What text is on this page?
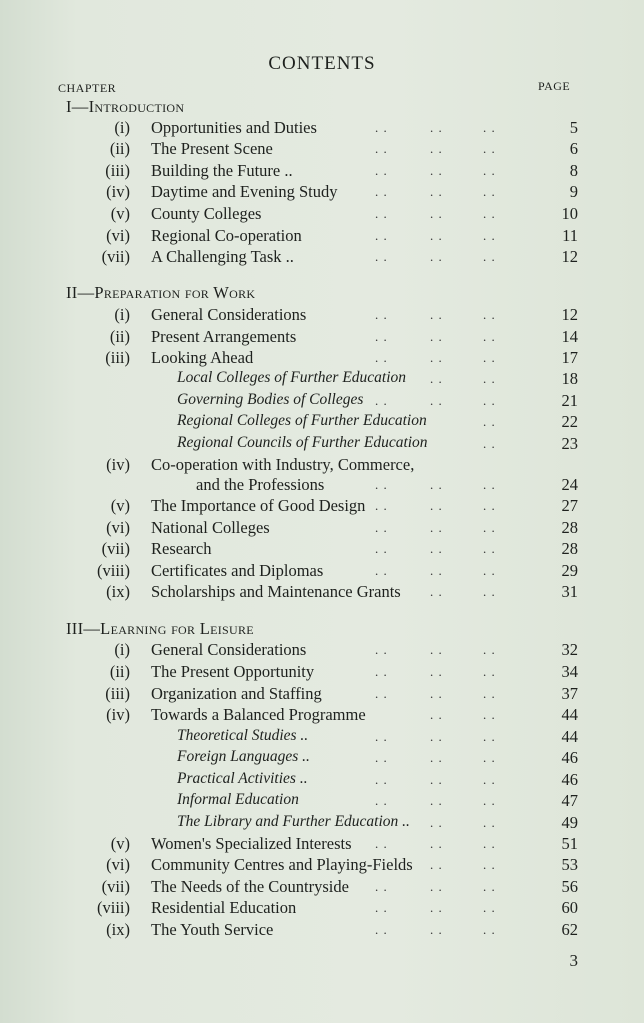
CONTENTS
CHAPTER	PAGE
I—Introduction
II—Preparation for Work
III—Learning for Leisure
(i) Opportunities and Duties	. .	. .	. .	5
(ii) The Present Scene	. .	. .	. .	6
(iii) Building the Future ..	. .	. .	. .	8
(iv) Daytime and Evening Study	. .	. .	. .	9
(v) County Colleges	. .	. .	. .	10
(vi) Regional Co-operation	. .	. .	. .	11
(vii) A Challenging Task ..	. .	. .	. .	12
(i) General Considerations	. .	. .	. .	12
(ii) Present Arrangements	. .	. .	. .	14
(iii) Looking Ahead	. .	. .	. .	17
Local Colleges of Further Education . .	. .	18
Governing Bodies of Colleges . .	. .	. .	21
Regional Colleges of Further Education	. .	22
Regional Councils of Further Education	. .	23
(iv) Co-operation with Industry, Commerce,
and the Professions	. .	. .	. .	24
(v) The Importance of Good Design . .	. .	. .	27
(vi) National Colleges	. .	. .	. .	28
(vii) Research	. .	. .	. .	28
(viii) Certificates and Diplomas	. .	. .	. .	29
(ix) Scholarships and Maintenance Grants . .	. .	31
(i) General Considerations	. .	. .	. .	32
(ii) The Present Opportunity	. .	. .	. .	34
(iii) Organization and Staffing	. .	. .	. .	37
(iv) Towards a Balanced Programme	. .	. .	44
Theoretical Studies ..	. .	. .	. .	44
Foreign Languages ..	. .	. .	. .	46
Practical Activities ..	. .	. .	. .	46
Informal Education	. .	. .	. .	47
The Library and Further Education .. . .	. .	49
(v) Women's Specialized Interests . .	. .	. .	51
(vi) Community Centres and Playing-Fields . .	. .	53
(vii) The Needs of the Countryside . .	. .	. .	56
(viii) Residential Education	. .	. .	. .	60
(ix) The Youth Service	. .	. .	. .	62
3
